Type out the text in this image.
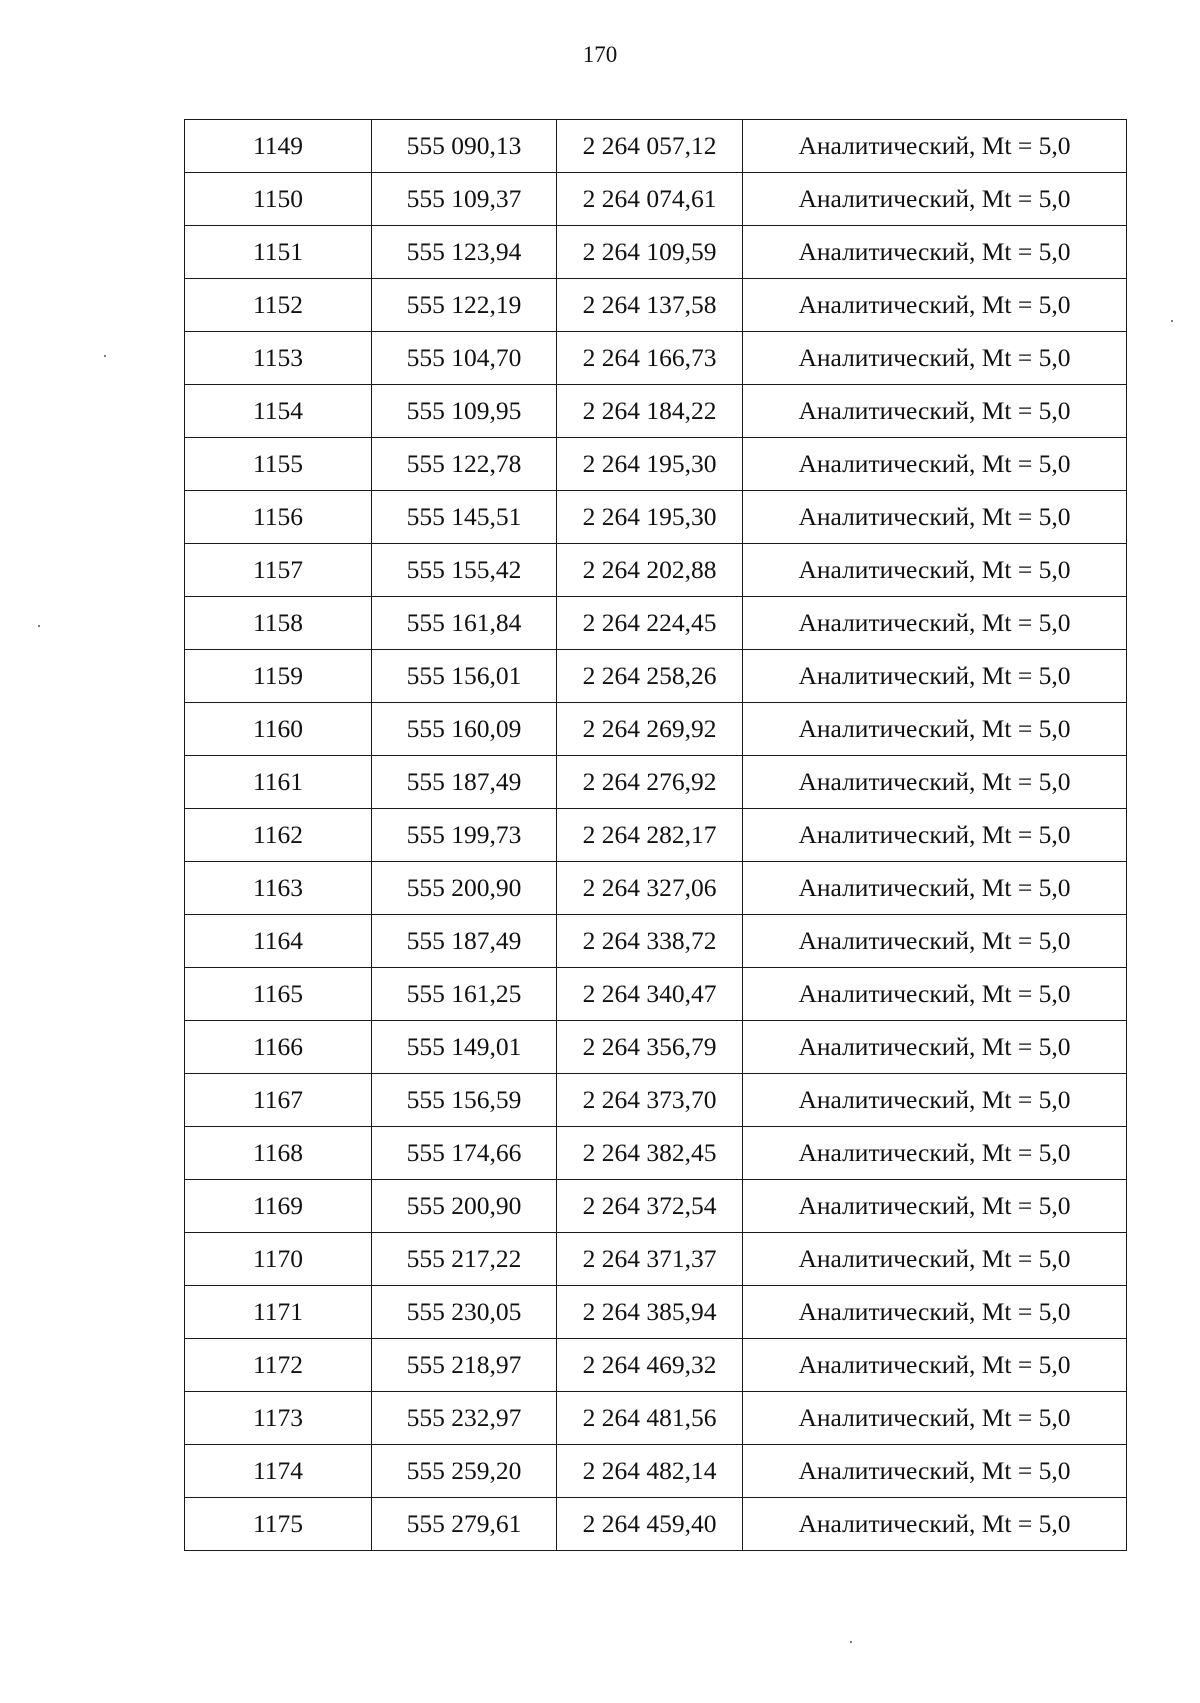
170
1149	555 090,13	2 264 057,12	Аналитический, Mt = 5,0
1150	555 109,37	2 264 074,61	Аналитический, Mt = 5,0
1151	555 123,94	2 264 109,59	Аналитический, Mt = 5,0
1152	555 122,19	2 264 137,58	Аналитический, Mt = 5,0
1153	555 104,70	2 264 166,73	Аналитический, Mt = 5,0
1154	555 109,95	2 264 184,22	Аналитический, Mt = 5,0
1155	555 122,78	2 264 195,30	Аналитический, Mt = 5,0
1156	555 145,51	2 264 195,30	Аналитический, Mt = 5,0
1157	555 155,42	2 264 202,88	Аналитический, Mt = 5,0
1158	555 161,84	2 264 224,45	Аналитический, Mt = 5,0
1159	555 156,01	2 264 258,26	Аналитический, Mt = 5,0
1160	555 160,09	2 264 269,92	Аналитический, Mt = 5,0
1161	555 187,49	2 264 276,92	Аналитический, Mt = 5,0
1162	555 199,73	2 264 282,17	Аналитический, Mt = 5,0
1163	555 200,90	2 264 327,06	Аналитический, Mt = 5,0
1164	555 187,49	2 264 338,72	Аналитический, Mt = 5,0
1165	555 161,25	2 264 340,47	Аналитический, Mt = 5,0
1166	555 149,01	2 264 356,79	Аналитический, Mt = 5,0
1167	555 156,59	2 264 373,70	Аналитический, Mt = 5,0
1168	555 174,66	2 264 382,45	Аналитический, Mt = 5,0
1169	555 200,90	2 264 372,54	Аналитический, Mt = 5,0
1170	555 217,22	2 264 371,37	Аналитический, Mt = 5,0
1171	555 230,05	2 264 385,94	Аналитический, Mt = 5,0
1172	555 218,97	2 264 469,32	Аналитический, Mt = 5,0
1173	555 232,97	2 264 481,56	Аналитический, Mt = 5,0
1174	555 259,20	2 264 482,14	Аналитический, Mt = 5,0
1175	555 279,61	2 264 459,40	Аналитический, Mt = 5,0
